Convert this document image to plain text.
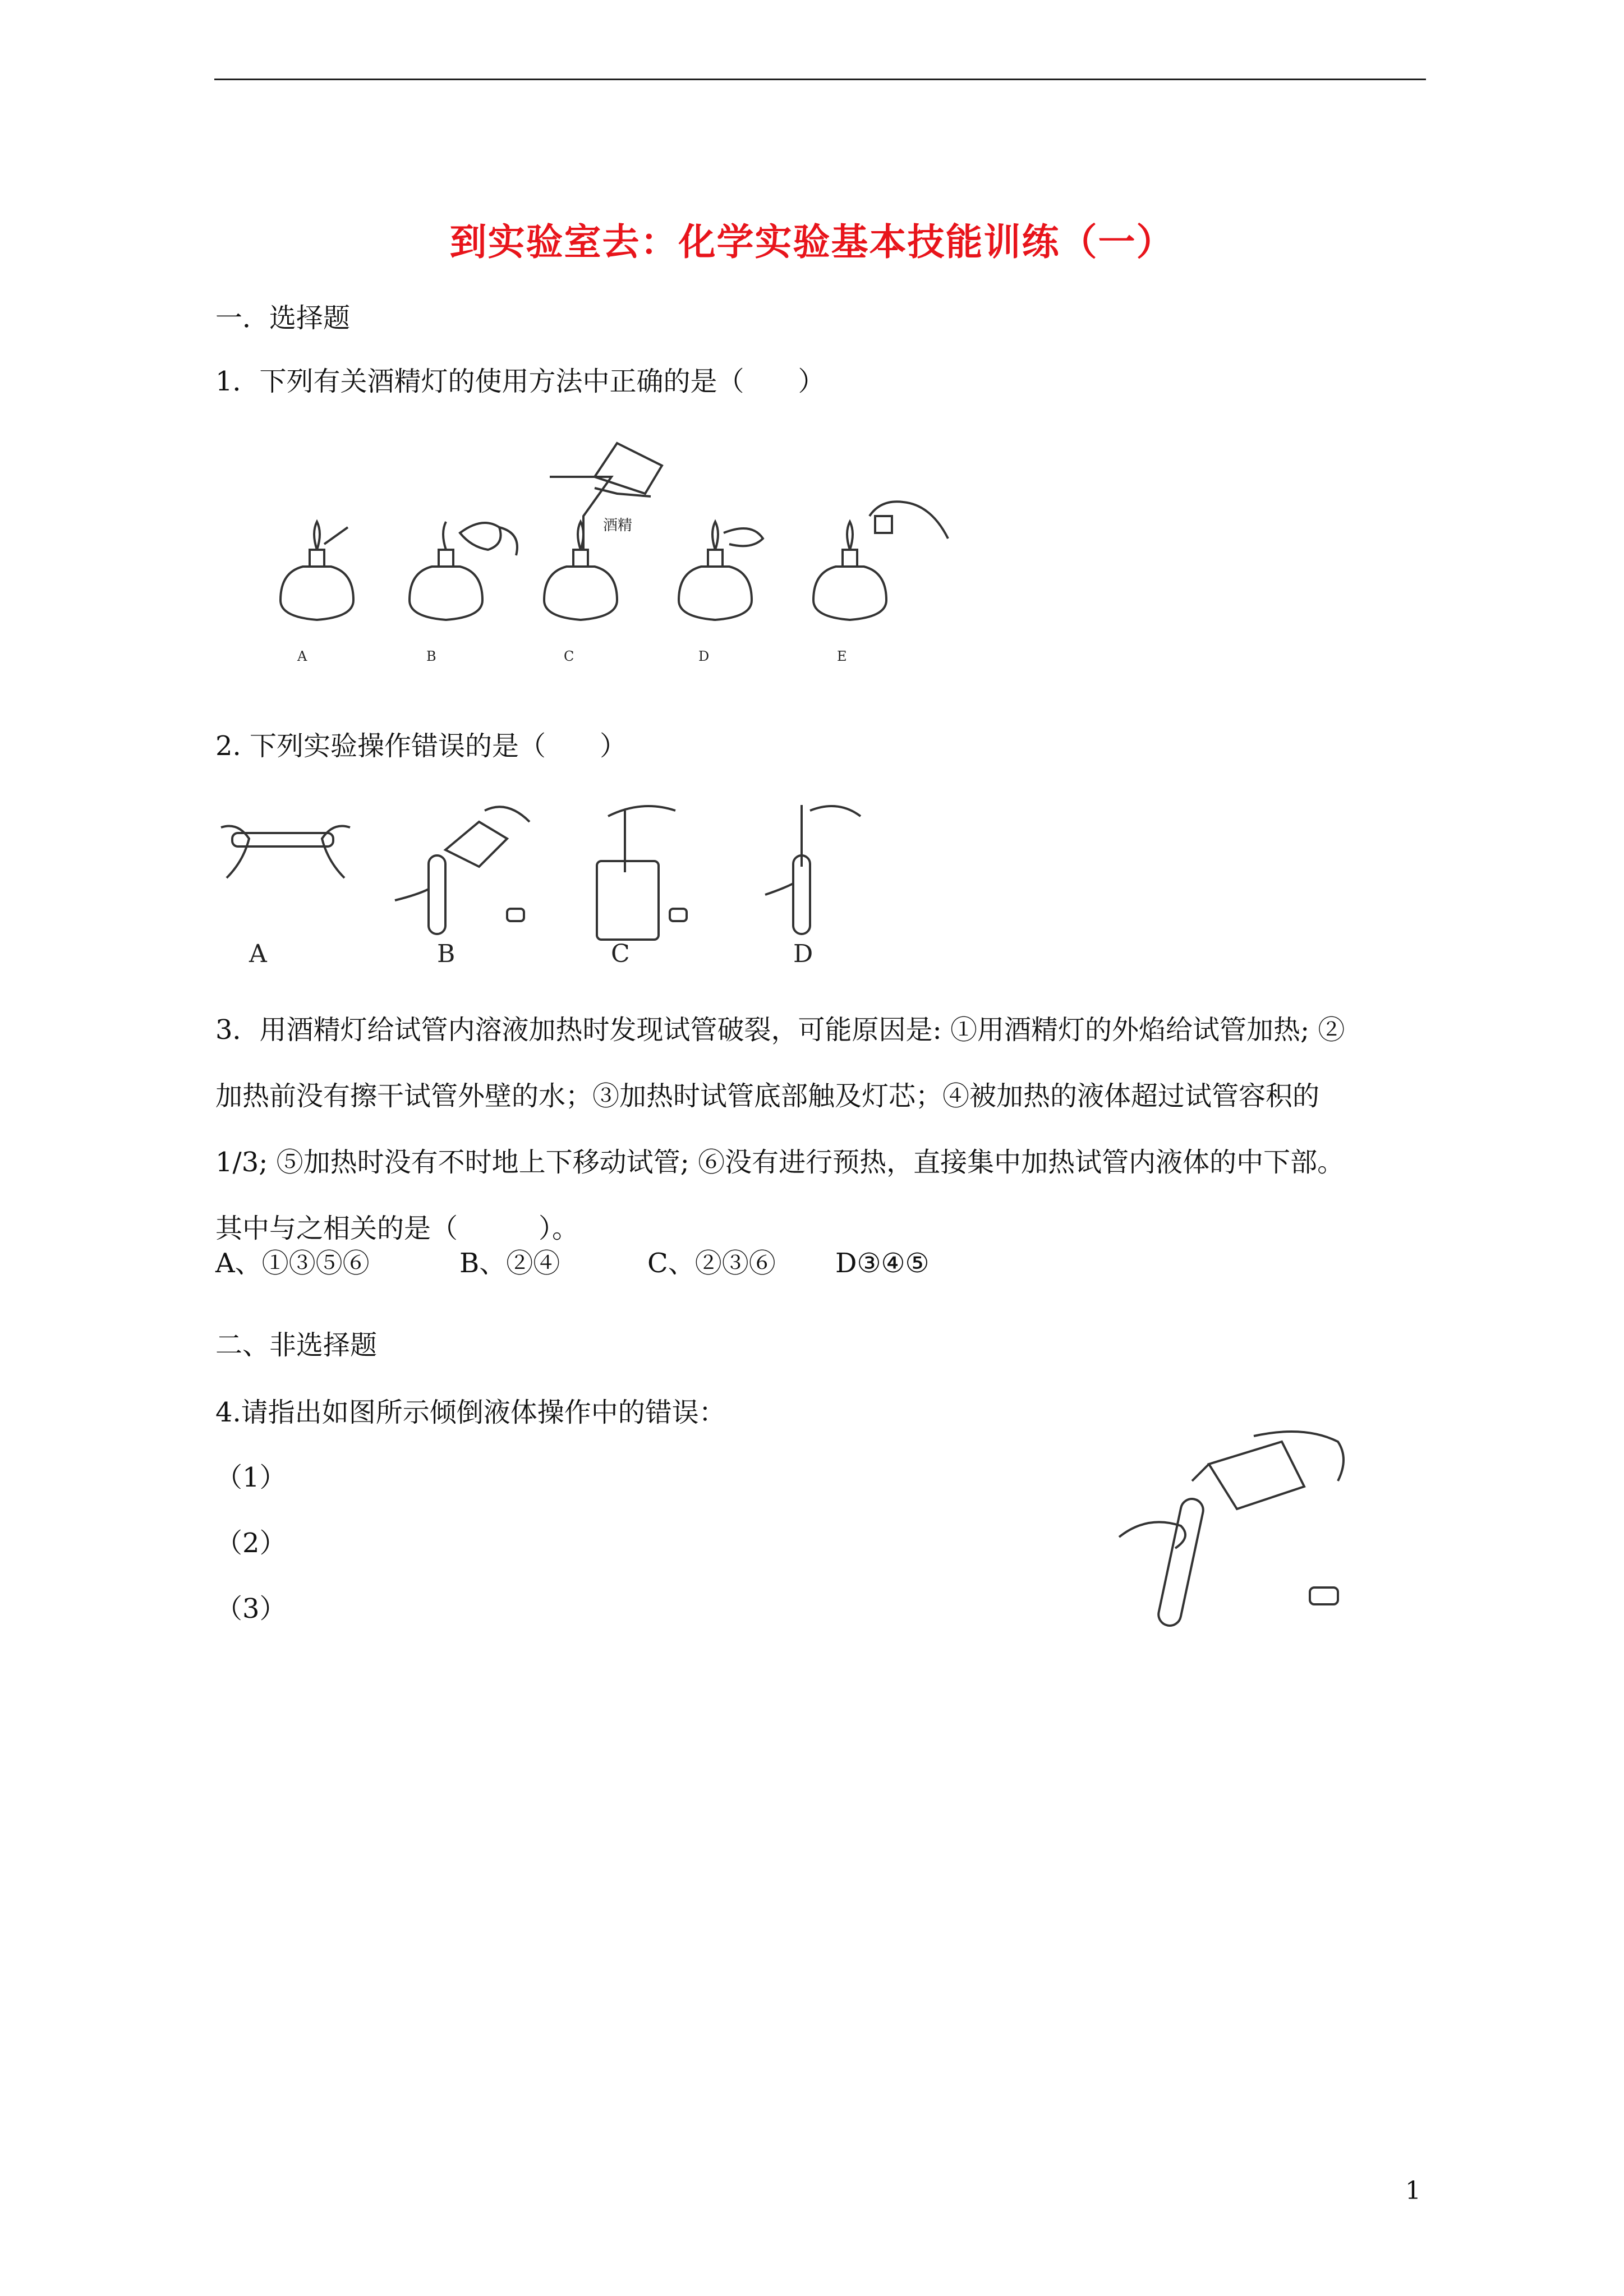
到实验室去：化学实验基本技能训练（一）
一．选择题
1．下列有关酒精灯的使用方法中正确的是（　　）
酒精
A	B	C	D	E
2. 下列实验操作错误的是（　　）
A	B	C	D
3．用酒精灯给试管内溶液加热时发现试管破裂，可能原因是: ①用酒精灯的外焰给试管加热; ②
加热前没有擦干试管外壁的水；③加热时试管底部触及灯芯；④被加热的液体超过试管容积的
1/3; ⑤加热时没有不时地上下移动试管; ⑥没有进行预热，直接集中加热试管内液体的中下部。
其中与之相关的是（　　　）。
A、①③⑤⑥	B、②④	C、②③⑥ D③④⑤
二、非选择题
4.请指出如图所示倾倒液体操作中的错误：
（1）
（2）
（3）
1
